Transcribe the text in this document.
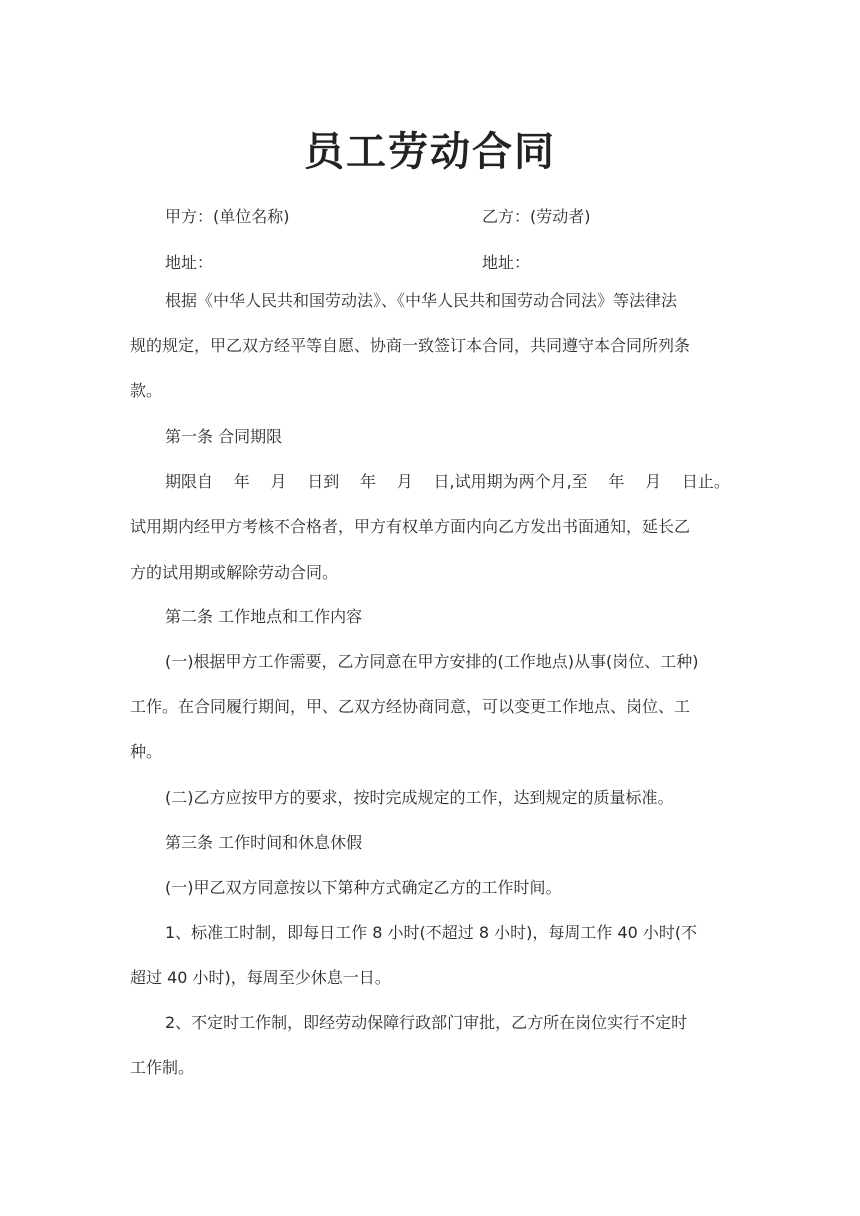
员工劳动合同
甲方：(单位名称)	乙方：(劳动者)
地址：	地址：
根据《中华人民共和国劳动法》、《中华人民共和国劳动合同法》等法律法
规的规定，甲乙双方经平等自愿、协商一致签订本合同，共同遵守本合同所列条
款。
第一条 合同期限
期限自 年 月 日到 年 月 日,试用期为两个月,至 年 月 日止。
试用期内经甲方考核不合格者，甲方有权单方面内向乙方发出书面通知，延长乙
方的试用期或解除劳动合同。
第二条 工作地点和工作内容
(一)根据甲方工作需要，乙方同意在甲方安排的(工作地点)从事(岗位、工种)
工作。在合同履行期间，甲、乙双方经协商同意，可以变更工作地点、岗位、工
种。
(二)乙方应按甲方的要求，按时完成规定的工作，达到规定的质量标准。
第三条 工作时间和休息休假
(一)甲乙双方同意按以下第种方式确定乙方的工作时间。
1、标准工时制，即每日工作 8 小时(不超过 8 小时)，每周工作 40 小时(不
超过 40 小时)，每周至少休息一日。
2、不定时工作制，即经劳动保障行政部门审批，乙方所在岗位实行不定时
工作制。
